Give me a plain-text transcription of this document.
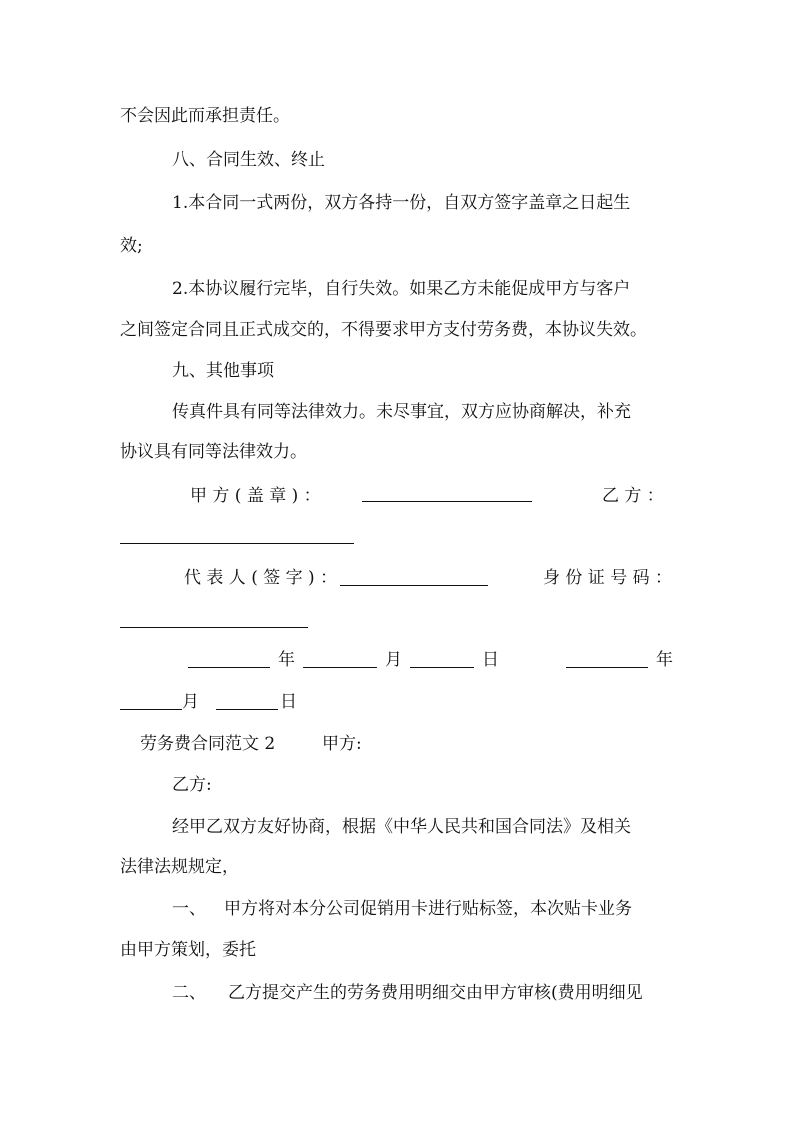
不会因此而承担责任。
八、合同生效、终止
1.本合同一式两份，双方各持一份，自双方签字盖章之日起生
效;
2.本协议履行完毕，自行失效。如果乙方未能促成甲方与客户
之间签定合同且正式成交的，不得要求甲方支付劳务费，本协议失效。
九、其他事项
传真件具有同等法律效力。未尽事宜，双方应协商解决，补充
协议具有同等法律效力。
甲 方 ( 盖 章 ) ：	乙 方 ：
代 表 人 ( 签 字 ) ：	身 份 证 号 码 ：
年	月	日	年
月	日
劳务费合同范文 2	甲方:
乙方:
经甲乙双方友好协商，根据《中华人民共和国合同法》及相关
法律法规规定，
一、 甲方将对本分公司促销用卡进行贴标签，本次贴卡业务
由甲方策划，委托
二、 乙方提交产生的劳务费用明细交由甲方审核(费用明细见
